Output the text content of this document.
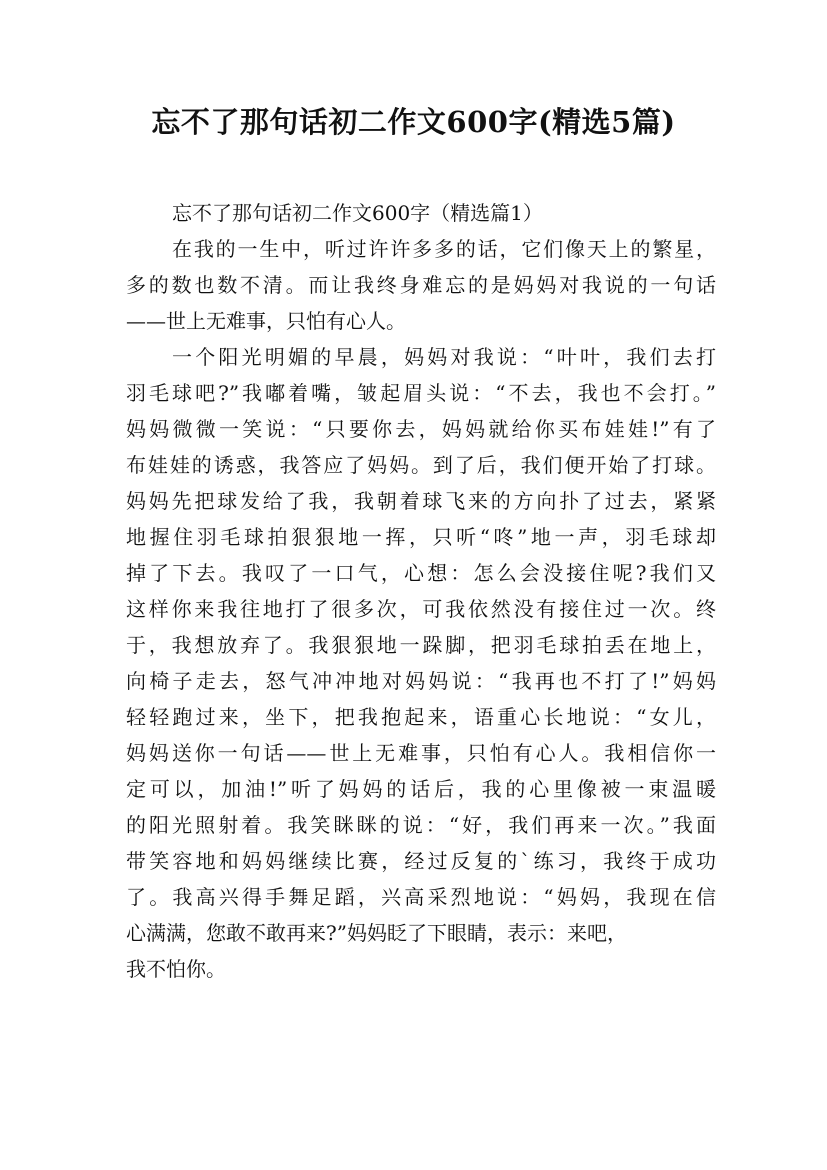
忘不了那句话初二作文600字(精选5篇)
忘不了那句话初二作文600字（精选篇1）
在我的一生中，听过许许多多的话，它们像天上的繁星，
多的数也数不清。而让我终身难忘的是妈妈对我说的一句话
——世上无难事，只怕有心人。
一个阳光明媚的早晨，妈妈对我说：“叶叶，我们去打
羽毛球吧?”我嘟着嘴，皱起眉头说：“不去，我也不会打。”
妈妈微微一笑说：“只要你去，妈妈就给你买布娃娃!”有了
布娃娃的诱惑，我答应了妈妈。到了后，我们便开始了打球。
妈妈先把球发给了我，我朝着球飞来的方向扑了过去，紧紧
地握住羽毛球拍狠狠地一挥，只听“咚”地一声，羽毛球却
掉了下去。我叹了一口气，心想：怎么会没接住呢?我们又
这样你来我往地打了很多次，可我依然没有接住过一次。终
于，我想放弃了。我狠狠地一跺脚，把羽毛球拍丢在地上，
向椅子走去，怒气冲冲地对妈妈说：“我再也不打了!”妈妈
轻轻跑过来，坐下，把我抱起来，语重心长地说：“女儿，
妈妈送你一句话——世上无难事，只怕有心人。我相信你一
定可以，加油!”听了妈妈的话后，我的心里像被一束温暖
的阳光照射着。我笑眯眯的说：“好，我们再来一次。”我面
带笑容地和妈妈继续比赛，经过反复的`练习，我终于成功
了。我高兴得手舞足蹈，兴高采烈地说：“妈妈，我现在信
心满满，您敢不敢再来?”妈妈眨了下眼睛，表示：来吧，
我不怕你。
